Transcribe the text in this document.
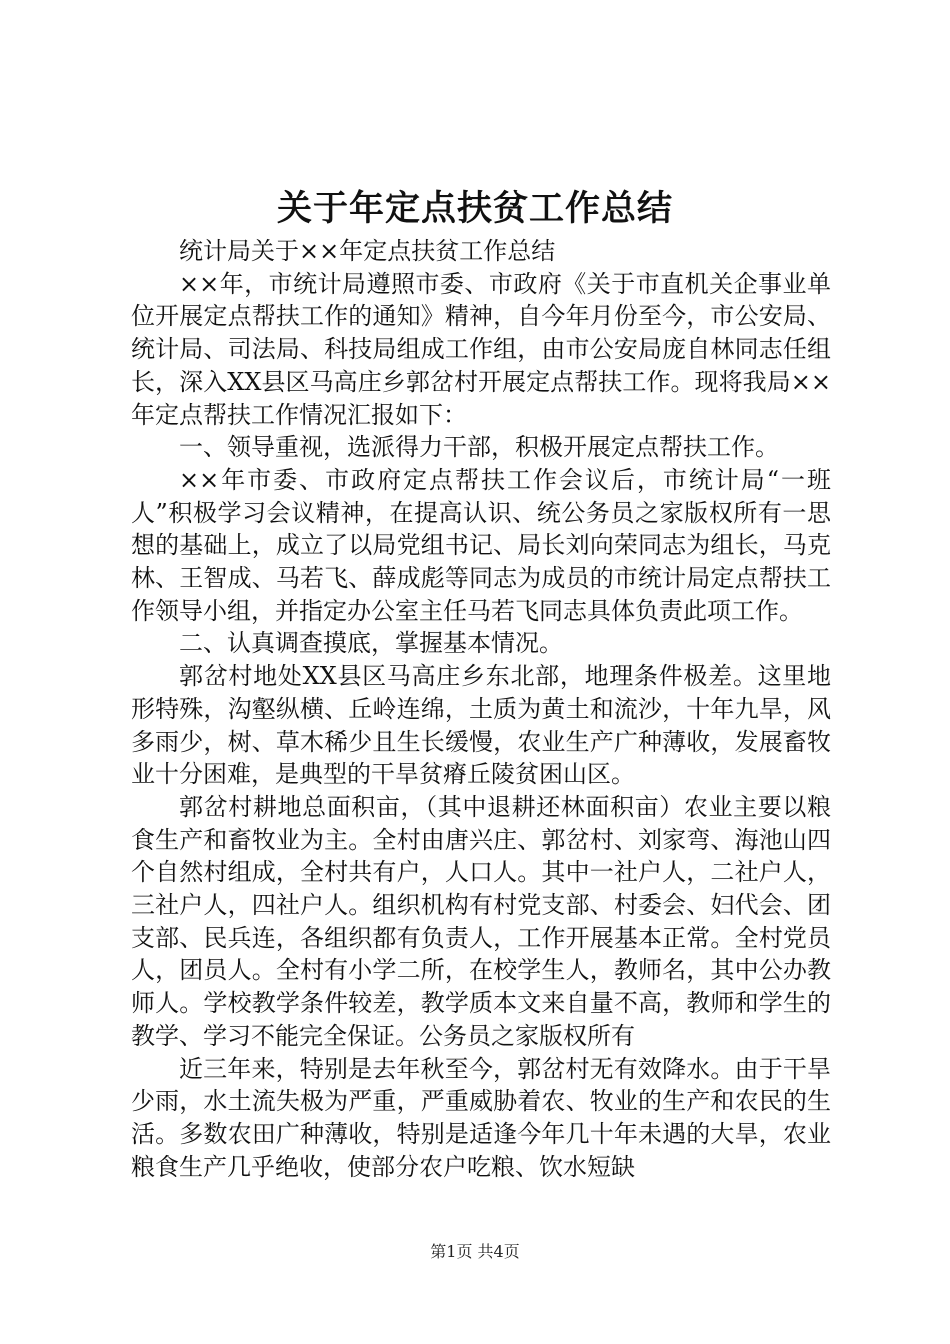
关于年定点扶贫工作总结

统计局关于××年定点扶贫工作总结

××年，市统计局遵照市委、市政府《关于市直机关企事业单位开展定点帮扶工作的通知》精神，自今年月份至今，市公安局、统计局、司法局、科技局组成工作组，由市公安局庞自林同志任组长，深入XX县区马高庄乡郭岔村开展定点帮扶工作。现将我局××年定点帮扶工作情况汇报如下：

一、领导重视，选派得力干部，积极开展定点帮扶工作。

××年市委、市政府定点帮扶工作会议后，市统计局“一班人”积极学习会议精神，在提高认识、统公务员之家版权所有一思想的基础上，成立了以局党组书记、局长刘向荣同志为组长，马克林、王智成、马若飞、薛成彪等同志为成员的市统计局定点帮扶工作领导小组，并指定办公室主任马若飞同志具体负责此项工作。

二、认真调查摸底，掌握基本情况。

郭岔村地处XX县区马高庄乡东北部，地理条件极差。这里地形特殊，沟壑纵横、丘岭连绵，土质为黄土和流沙，十年九旱，风多雨少，树、草木稀少且生长缓慢，农业生产广种薄收，发展畜牧业十分困难，是典型的干旱贫瘠丘陵贫困山区。

郭岔村耕地总面积亩，（其中退耕还林面积亩）农业主要以粮食生产和畜牧业为主。全村由唐兴庄、郭岔村、刘家弯、海池山四个自然村组成，全村共有户，人口人。其中一社户人，二社户人，三社户人，四社户人。组织机构有村党支部、村委会、妇代会、团支部、民兵连，各组织都有负责人，工作开展基本正常。全村党员人，团员人。全村有小学二所，在校学生人，教师名，其中公办教师人。学校教学条件较差，教学质本文来自量不高，教师和学生的教学、学习不能完全保证。公务员之家版权所有

近三年来，特别是去年秋至今，郭岔村无有效降水。由于干旱少雨，水土流失极为严重，严重威胁着农、牧业的生产和农民的生活。多数农田广种薄收，特别是适逢今年几十年未遇的大旱，农业粮食生产几乎绝收，使部分农户吃粮、饮水短缺

第1页 共4页
